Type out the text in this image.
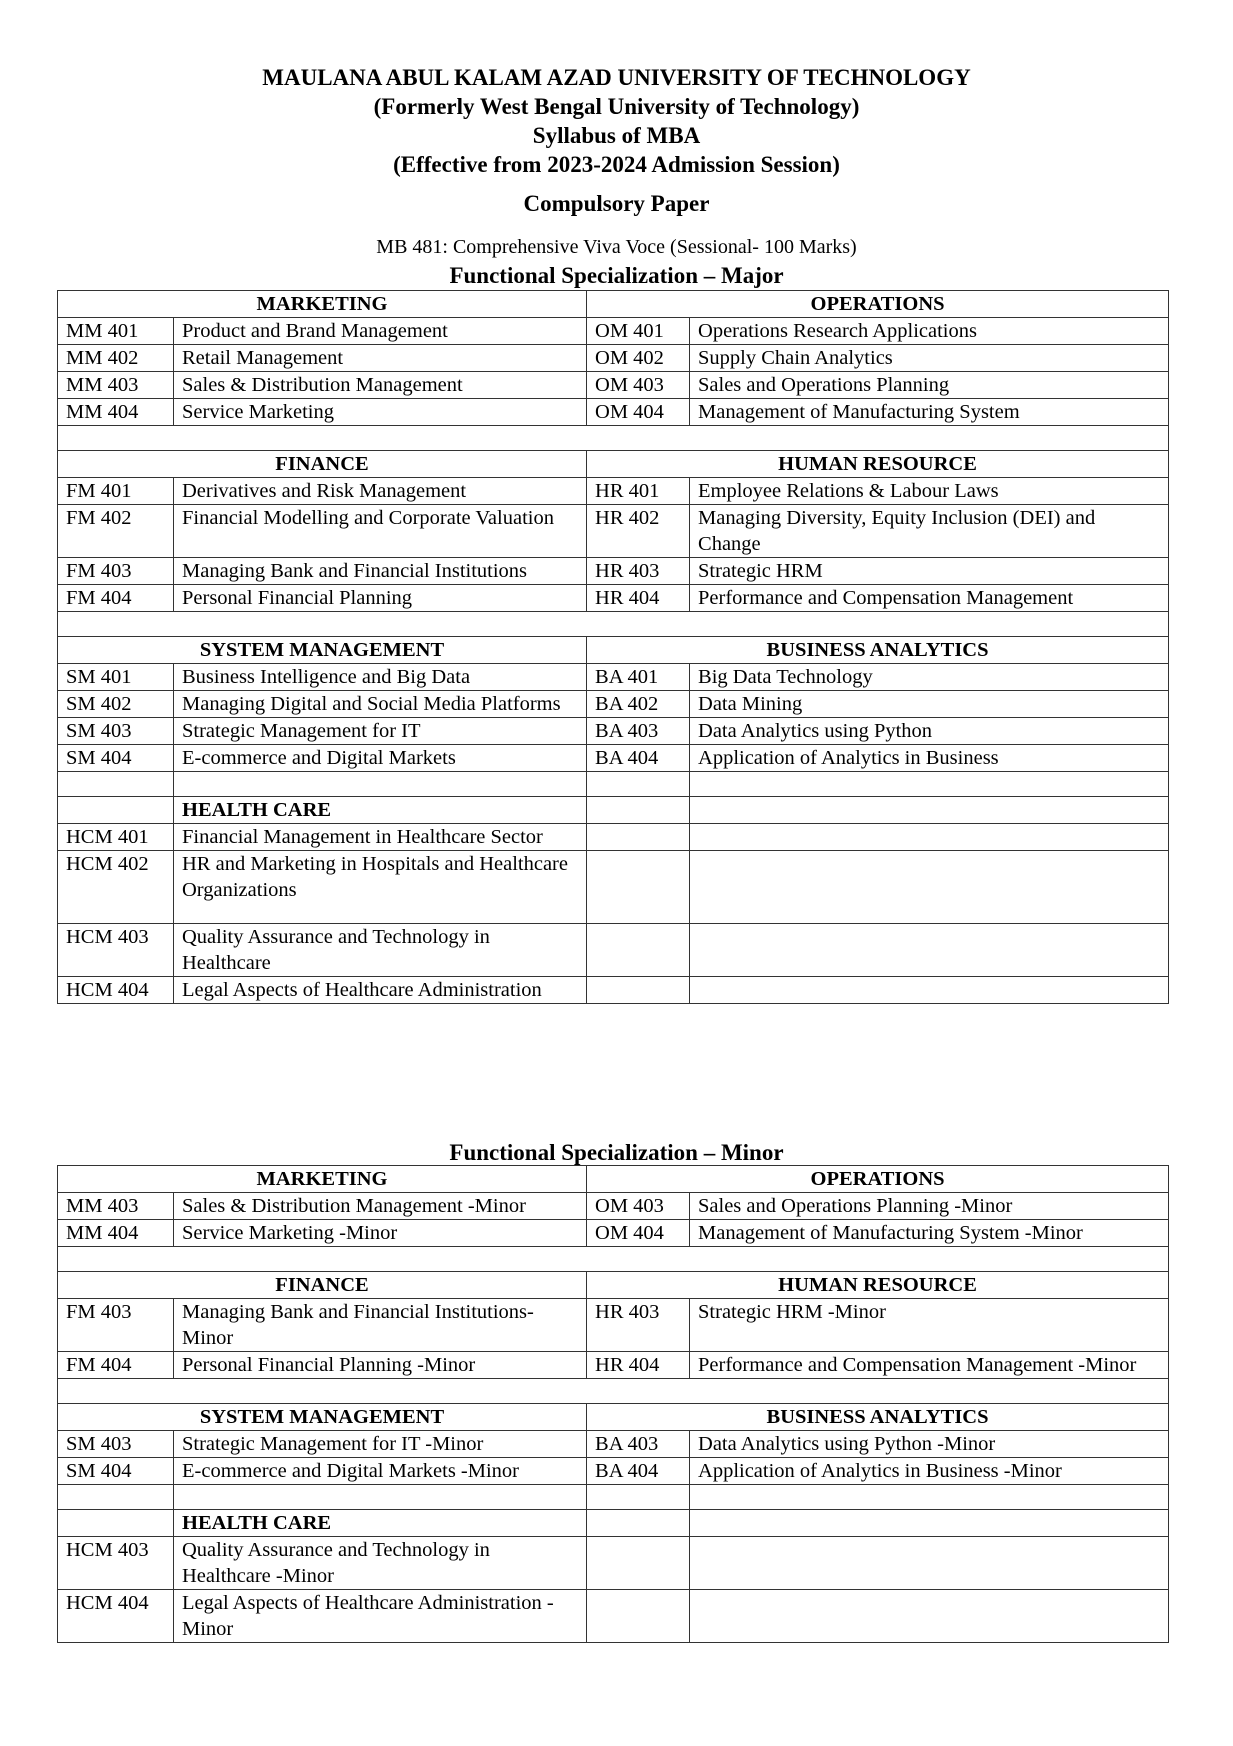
MAULANA ABUL KALAM AZAD UNIVERSITY OF TECHNOLOGY
(Formerly West Bengal University of Technology)
Syllabus of MBA
(Effective from 2023-2024 Admission Session)
Compulsory Paper
MB 481: Comprehensive Viva Voce (Sessional- 100 Marks)
Functional Specialization – Major
MARKETING		OPERATIONS	
MM 401	Product and Brand Management	OM 401	Operations Research Applications
MM 402	Retail Management	OM 402	Supply Chain Analytics
MM 403	Sales & Distribution Management	OM 403	Sales and Operations Planning
MM 404	Service Marketing	OM 404	Management of Manufacturing System

FINANCE		HUMAN RESOURCE	
FM 401	Derivatives and Risk Management	HR 401	Employee Relations & Labour Laws
FM 402	Financial Modelling and Corporate Valuation	HR 402	Managing Diversity, Equity Inclusion (DEI) and Change
FM 403	Managing Bank and Financial Institutions	HR 403	Strategic HRM
FM 404	Personal Financial Planning	HR 404	Performance and Compensation Management

SYSTEM MANAGEMENT		BUSINESS ANALYTICS	
SM 401	Business Intelligence and Big Data	BA 401	Big Data Technology
SM 402	Managing Digital and Social Media Platforms	BA 402	Data Mining
SM 403	Strategic Management for IT	BA 403	Data Analytics using Python
SM 404	E-commerce and Digital Markets	BA 404	Application of Analytics in Business

	HEALTH CARE		
HCM 401	Financial Management in Healthcare Sector		
HCM 402	HR and Marketing in Hospitals and Healthcare Organizations		
HCM 403	Quality Assurance and Technology in Healthcare		
HCM 404	Legal Aspects of Healthcare Administration		
Functional Specialization – Minor
MARKETING		OPERATIONS	
MM 403	Sales & Distribution Management -Minor	OM 403	Sales and Operations Planning -Minor
MM 404	Service Marketing -Minor	OM 404	Management of Manufacturing System -Minor

FINANCE		HUMAN RESOURCE	
FM 403	Managing Bank and Financial Institutions-Minor	HR 403	Strategic HRM -Minor
FM 404	Personal Financial Planning -Minor	HR 404	Performance and Compensation Management -Minor

SYSTEM MANAGEMENT		BUSINESS ANALYTICS	
SM 403	Strategic Management for IT -Minor	BA 403	Data Analytics using Python -Minor
SM 404	E-commerce and Digital Markets -Minor	BA 404	Application of Analytics in Business -Minor

	HEALTH CARE		
HCM 403	Quality Assurance and Technology in Healthcare -Minor		
HCM 404	Legal Aspects of Healthcare Administration -Minor		
